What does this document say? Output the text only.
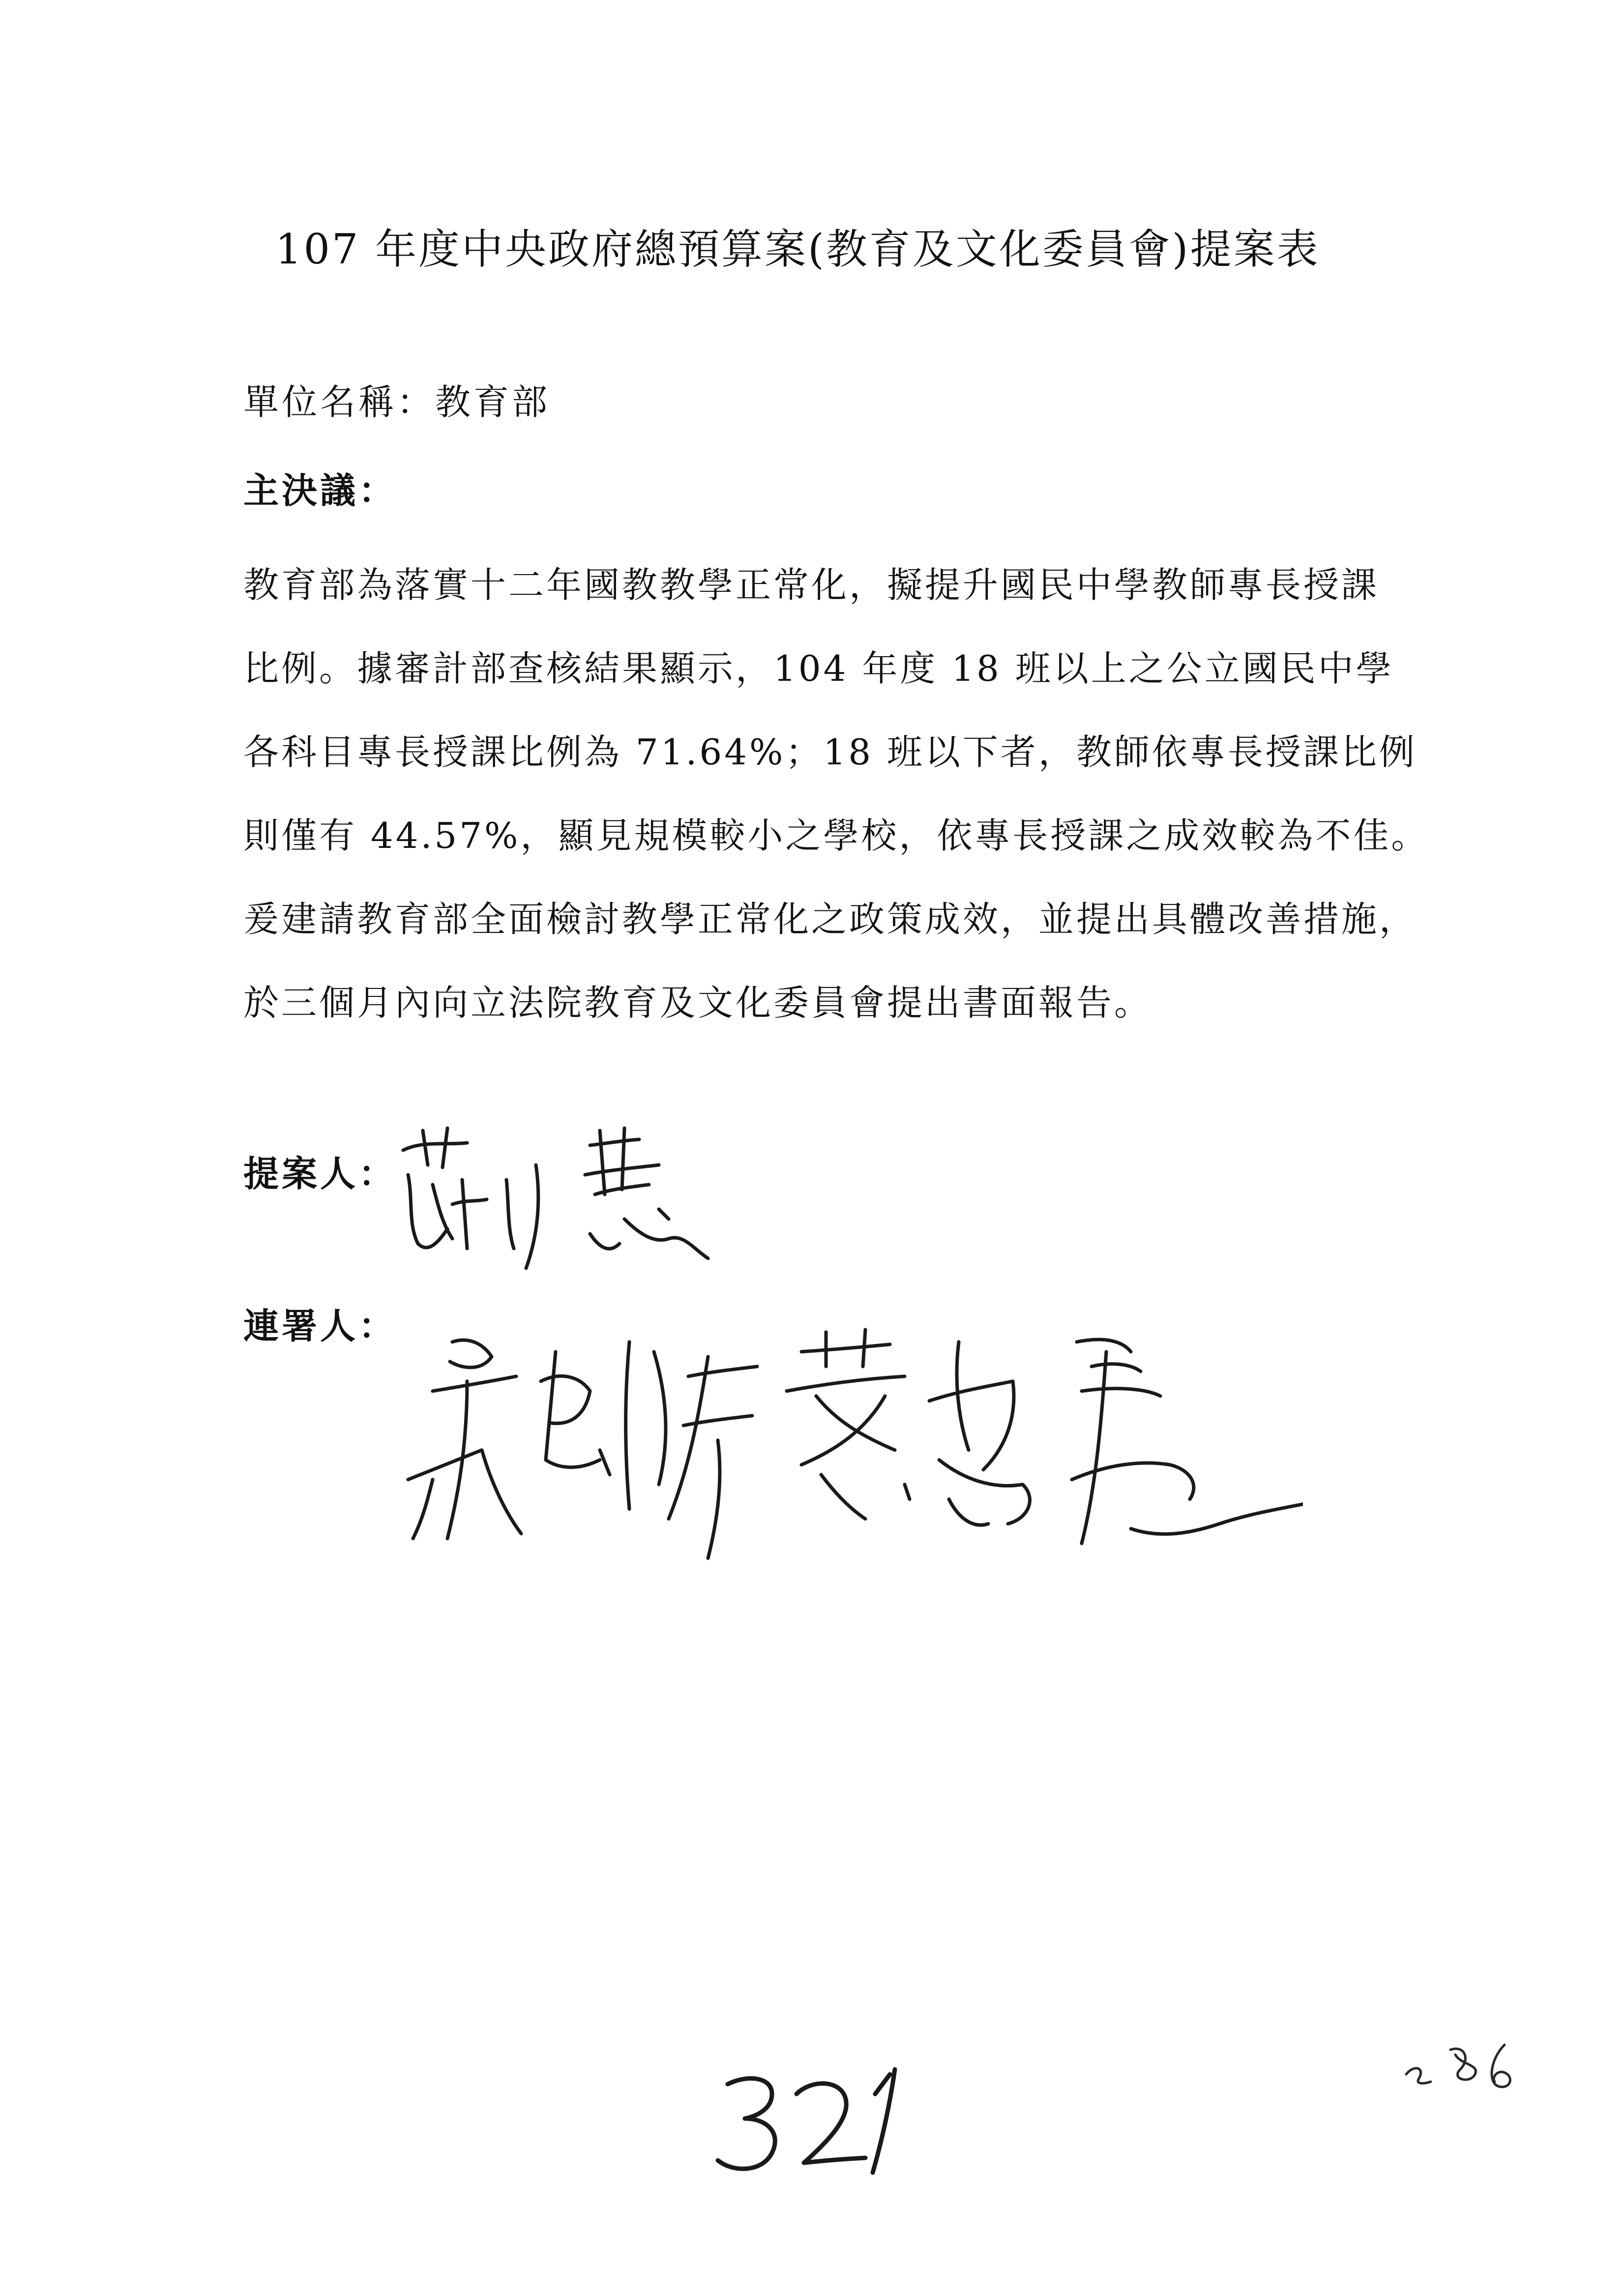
107 年度中央政府總預算案(教育及文化委員會)提案表
單位名稱：教育部
主決議：
教育部為落實十二年國教教學正常化，擬提升國民中學教師專長授課
比例。據審計部查核結果顯示，104 年度 18 班以上之公立國民中學
各科目專長授課比例為 71.64%；18 班以下者，教師依專長授課比例
則僅有 44.57%，顯見規模較小之學校，依專長授課之成效較為不佳。
爰建請教育部全面檢討教學正常化之政策成效，並提出具體改善措施，
於三個月內向立法院教育及文化委員會提出書面報告。
提案人：
連署人：
